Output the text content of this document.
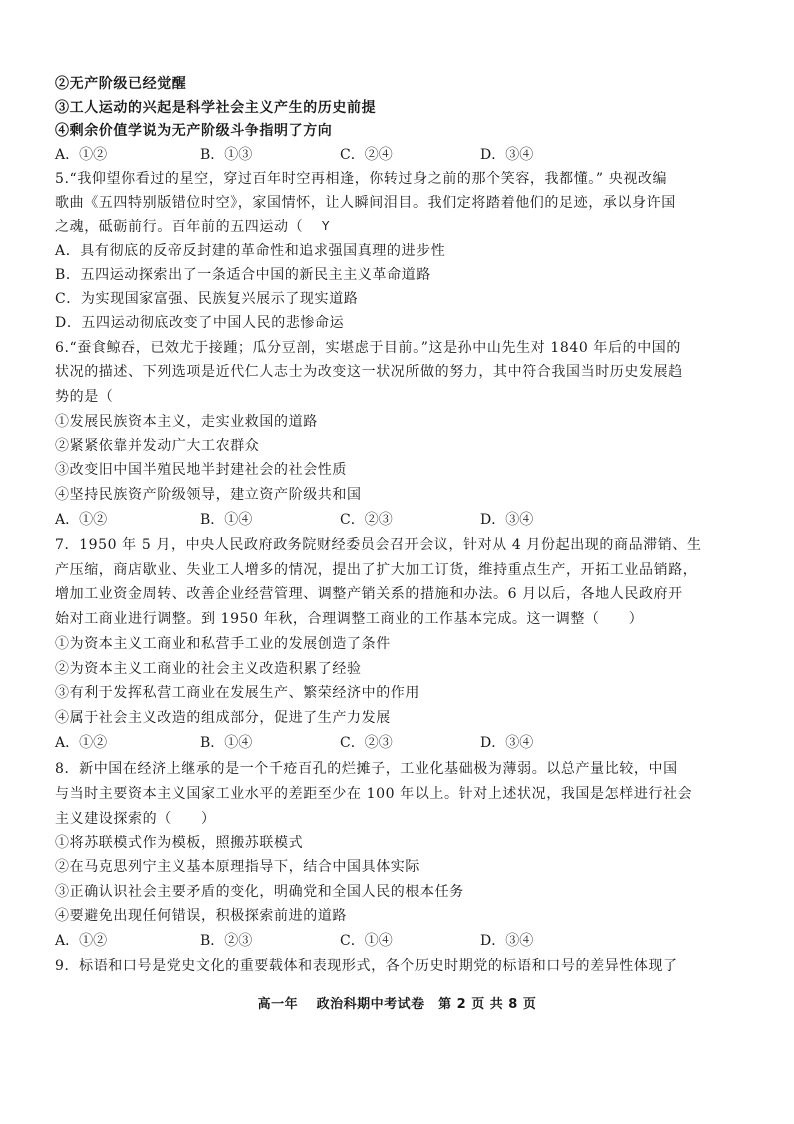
②无产阶级已经觉醒
③工人运动的兴起是科学社会主义产生的历史前提
④剩余价值学说为无产阶级斗争指明了方向
A．①②	B．①③	C．②④	D．③④
5.“我仰望你看过的星空，穿过百年时空再相逢，你转过身之前的那个笑容，我都懂。” 央视改编
歌曲《五四特别版错位时空》，家国情怀，让人瞬间泪目。我们定将踏着他们的足迹，承以身许国
之魂，砥砺前行。百年前的五四运动（ Y
A．具有彻底的反帝反封建的革命性和追求强国真理的进步性
B．五四运动探索出了一条适合中国的新民主主义革命道路
C．为实现国家富强、民族复兴展示了现实道路
D．五四运动彻底改变了中国人民的悲惨命运
6.“蚕食鲸吞，已效尤于接踵；瓜分豆剖，实堪虑于目前。”这是孙中山先生对 1840 年后的中国的
状况的描述、下列选项是近代仁人志士为改变这一状况所做的努力，其中符合我国当时历史发展趋
势的是（
①发展民族资本主义，走实业救国的道路
②紧紧依靠并发动广大工农群众
③改变旧中国半殖民地半封建社会的社会性质
④坚持民族资产阶级领导，建立资产阶级共和国
A．①②	B．①④	C．②③	D．③④
7．1950 年 5 月，中央人民政府政务院财经委员会召开会议，针对从 4 月份起出现的商品滞销、生
产压缩，商店歇业、失业工人增多的情况，提出了扩大加工订货，维持重点生产，开拓工业品销路，
增加工业资金周转、改善企业经营管理、调整产销关系的措施和办法。6 月以后，各地人民政府开
始对工商业进行调整。到 1950 年秋，合理调整工商业的工作基本完成。这一调整（　　）
①为资本主义工商业和私营手工业的发展创造了条件
②为资本主义工商业的社会主义改造积累了经验
③有利于发挥私营工商业在发展生产、繁荣经济中的作用
④属于社会主义改造的组成部分，促进了生产力发展
A．①②	B．①④	C．②③	D．③④
8．新中国在经济上继承的是一个千疮百孔的烂摊子，工业化基础极为薄弱。以总产量比较，中国
与当时主要资本主义国家工业水平的差距至少在 100 年以上。针对上述状况，我国是怎样进行社会
主义建设探索的（　　）
①将苏联模式作为模板，照搬苏联模式
②在马克思列宁主义基本原理指导下，结合中国具体实际
③正确认识社会主要矛盾的变化，明确党和全国人民的根本任务
④要避免出现任何错误，积极探索前进的道路
A．①②	B．②③	C．①④	D．③④
9．标语和口号是党史文化的重要载体和表现形式，各个历史时期党的标语和口号的差异性体现了
高一年　 政治科期中考试卷　第 2 页 共 8 页
